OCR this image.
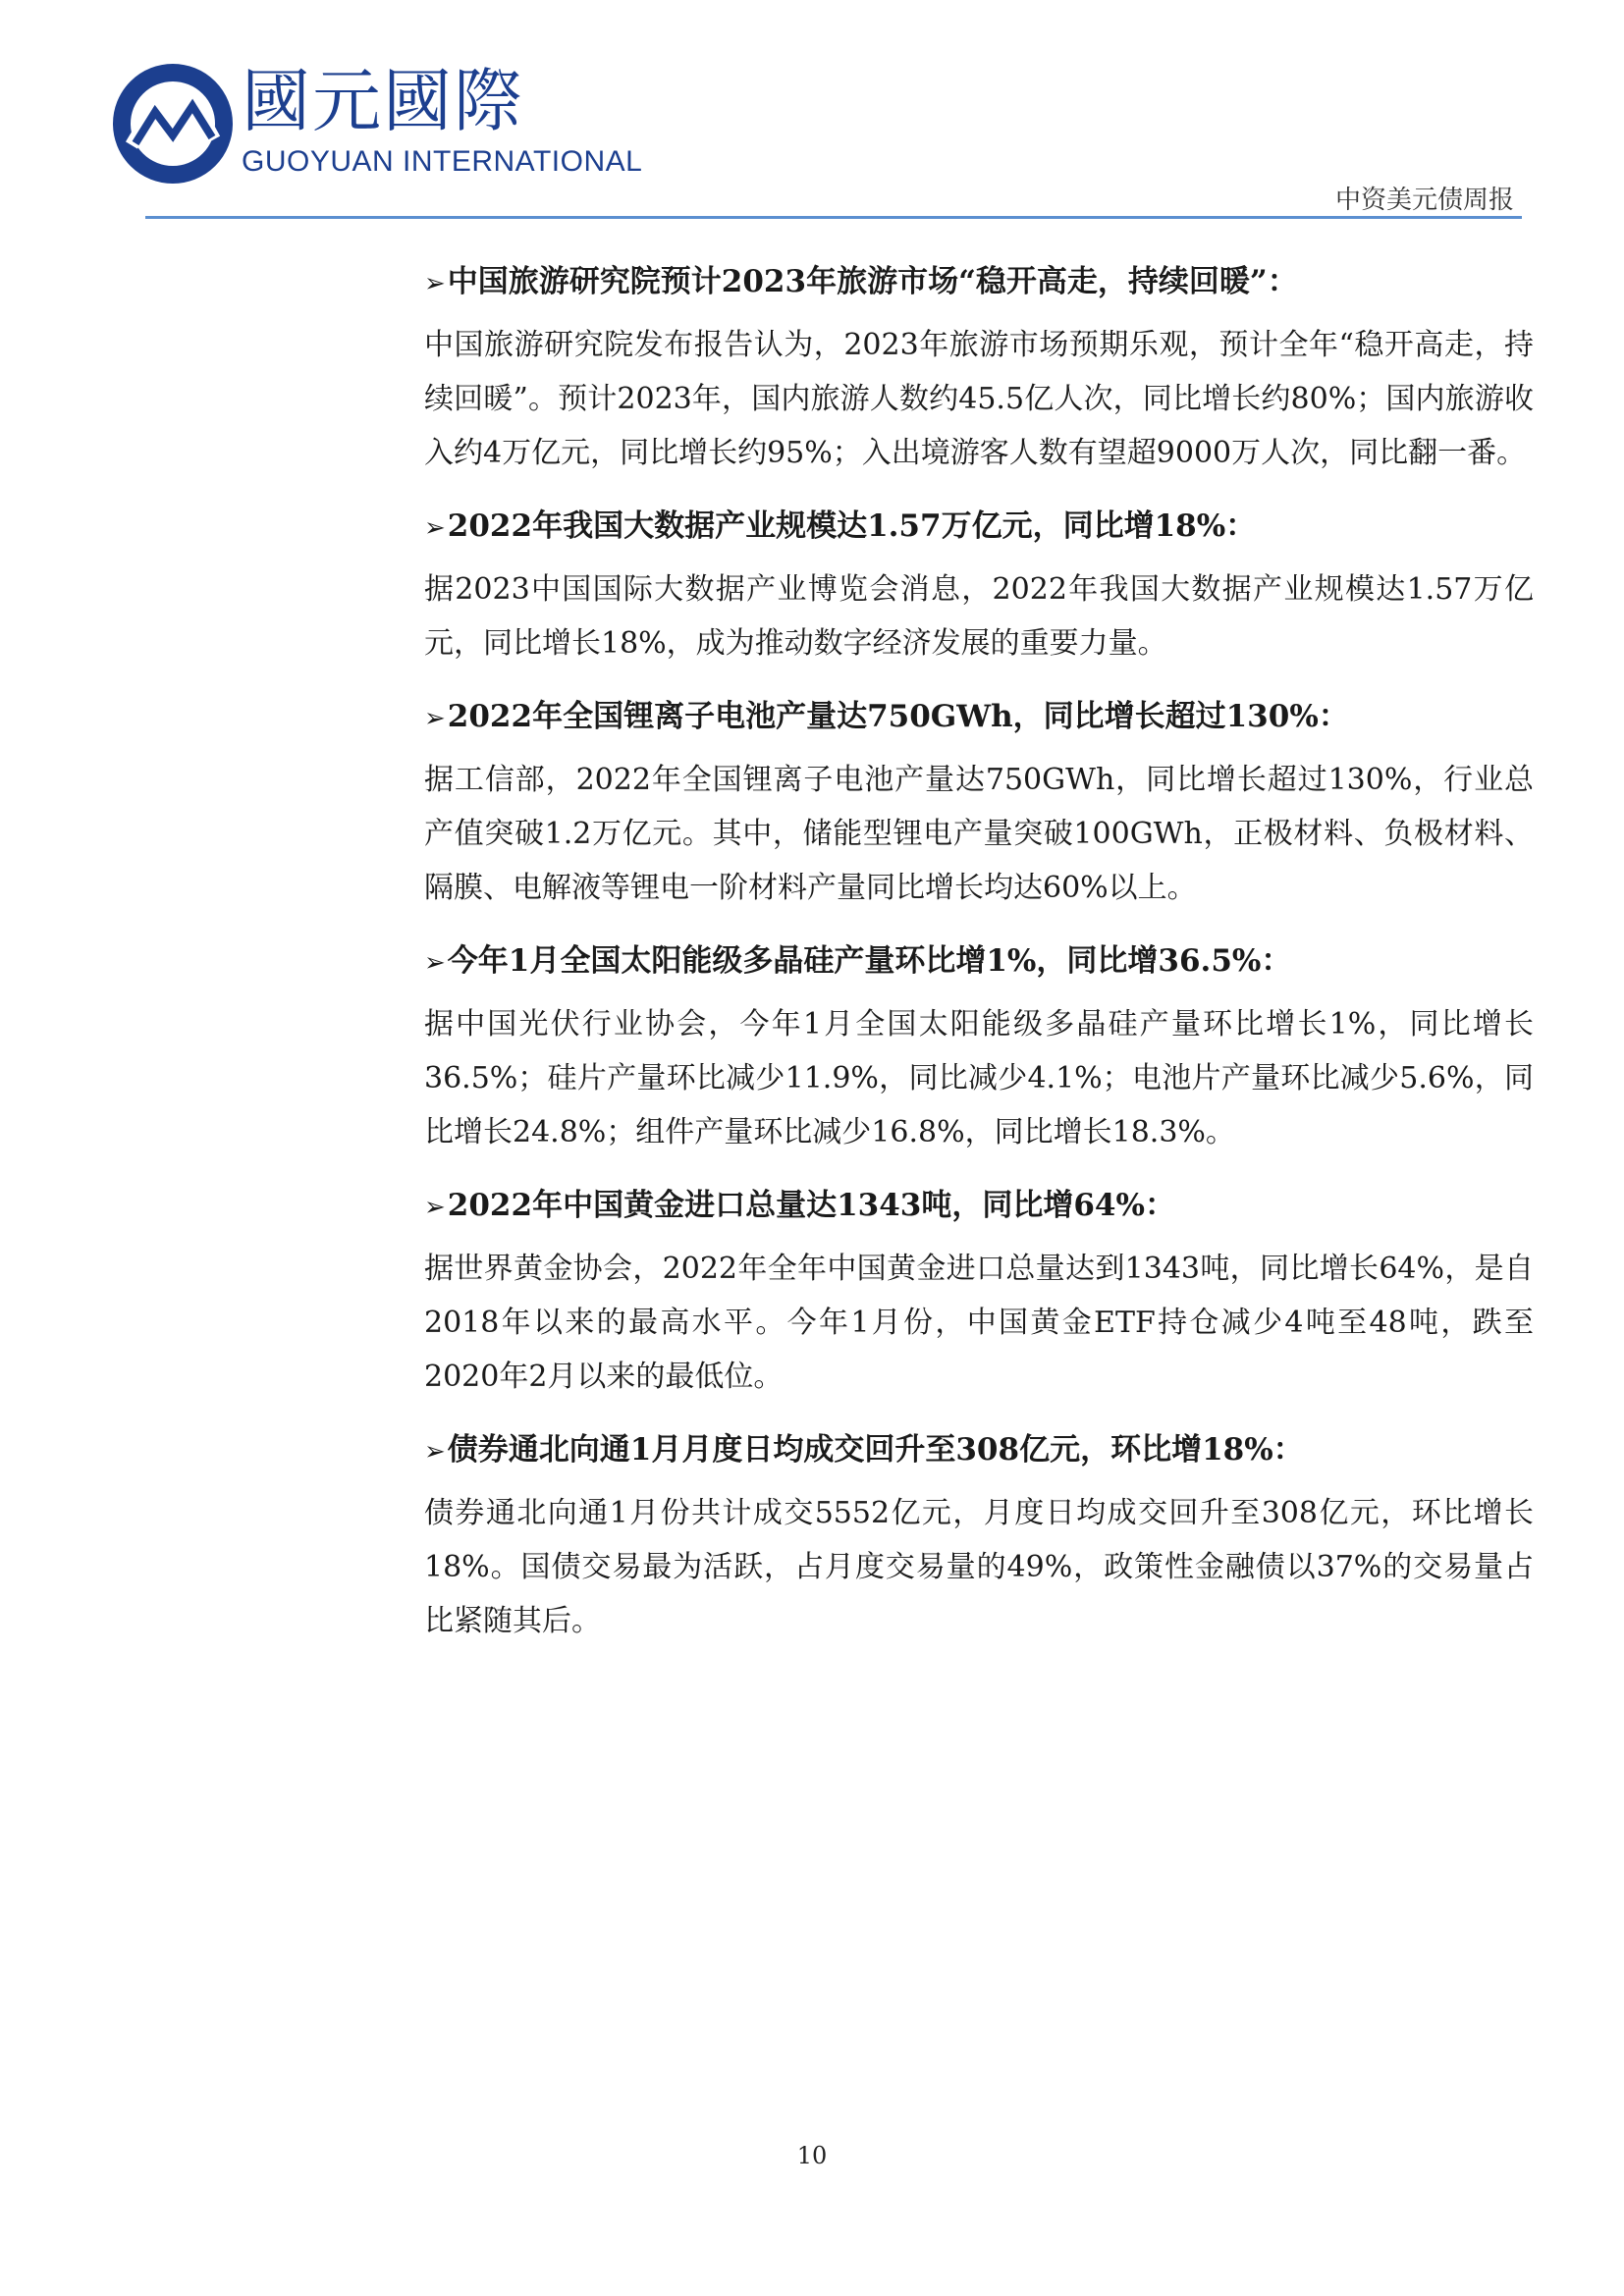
國元國際
GUOYUAN INTERNATIONAL
中资美元债周报
➢中国旅游研究院预计2023年旅游市场“稳开高走，持续回暖”：

中国旅游研究院发布报告认为，2023年旅游市场预期乐观，预计全年“稳开高走，持续回暖”。预计2023年，国内旅游人数约45.5亿人次，同比增长约80%；国内旅游收入约4万亿元，同比增长约95%；入出境游客人数有望超9000万人次，同比翻一番。

➢2022年我国大数据产业规模达1.57万亿元，同比增18%：

据2023中国国际大数据产业博览会消息，2022年我国大数据产业规模达1.57万亿元，同比增长18%，成为推动数字经济发展的重要力量。

➢2022年全国锂离子电池产量达750GWh，同比增长超过130%：

据工信部，2022年全国锂离子电池产量达750GWh，同比增长超过130%，行业总产值突破1.2万亿元。其中，储能型锂电产量突破100GWh，正极材料、负极材料、隔膜、电解液等锂电一阶材料产量同比增长均达60%以上。

➢今年1月全国太阳能级多晶硅产量环比增1%，同比增36.5%：

据中国光伏行业协会，今年1月全国太阳能级多晶硅产量环比增长1%，同比增长36.5%；硅片产量环比减少11.9%，同比减少4.1%；电池片产量环比减少5.6%，同比增长24.8%；组件产量环比减少16.8%，同比增长18.3%。

➢2022年中国黄金进口总量达1343吨，同比增64%：

据世界黄金协会，2022年全年中国黄金进口总量达到1343吨，同比增长64%，是自2018年以来的最高水平。今年1月份，中国黄金ETF持仓减少4吨至48吨，跌至2020年2月以来的最低位。

➢债券通北向通1月月度日均成交回升至308亿元，环比增18%：

债券通北向通1月份共计成交5552亿元，月度日均成交回升至308亿元，环比增长18%。国债交易最为活跃，占月度交易量的49%，政策性金融债以37%的交易量占比紧随其后。

10
